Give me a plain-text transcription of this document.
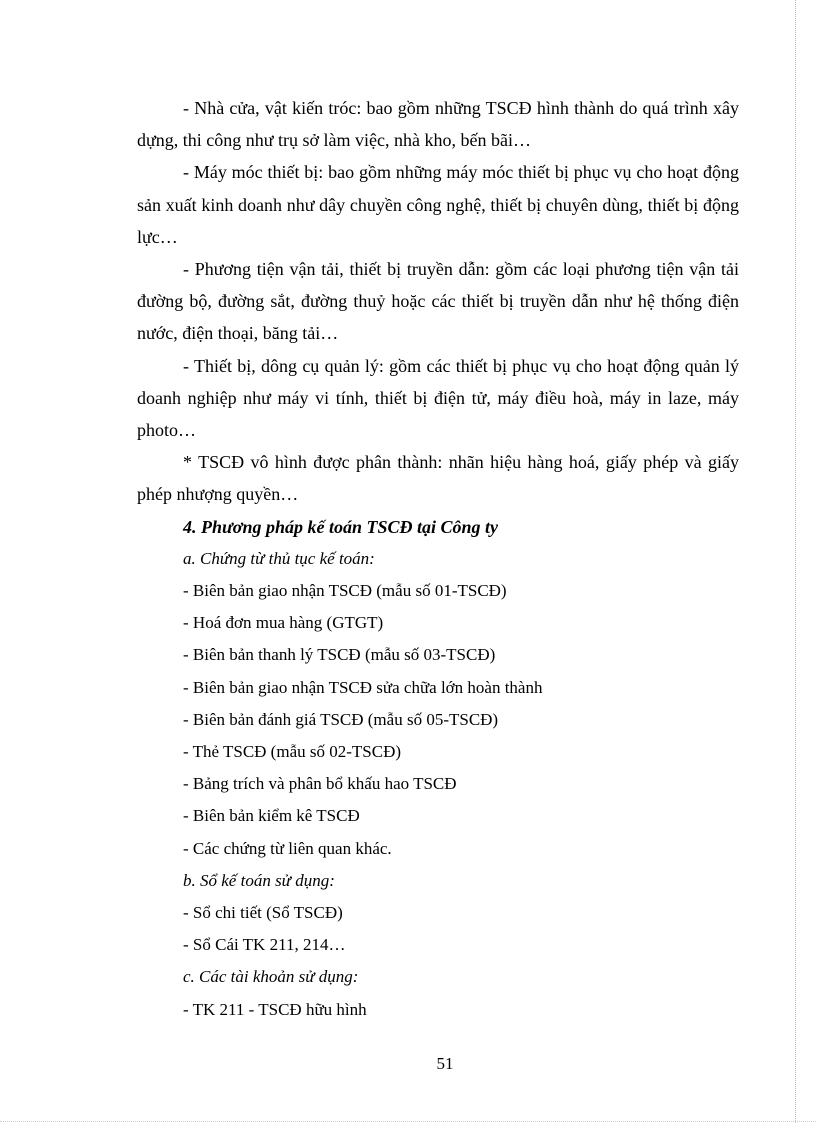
- Nhà cửa, vật kiến tróc: bao gồm những TSCĐ hình thành do quá trình xây dựng, thi công như trụ sở làm việc, nhà kho, bến bãi…

- Máy móc thiết bị: bao gồm những máy móc thiết bị phục vụ cho hoạt động sản xuất kinh doanh như dây chuyền công nghệ, thiết bị chuyên dùng, thiết bị động lực…

- Phương tiện vận tải, thiết bị truyền dẫn: gồm các loại phương tiện vận tải đường bộ, đường sắt, đường thuỷ hoặc các thiết bị truyền dẫn như hệ thống điện nước, điện thoại, băng tải…

- Thiết bị, dông cụ quản lý: gồm các thiết bị phục vụ cho hoạt động quản lý doanh nghiệp như máy vi tính, thiết bị điện tử, máy điều hoà, máy in laze, máy photo…

* TSCĐ vô hình được phân thành: nhãn hiệu hàng hoá, giấy phép và giấy phép nhượng quyền…

4. Phương pháp kế toán TSCĐ tại Công ty

a. Chứng từ thủ tục kế toán:

- Biên bản giao nhận TSCĐ (mẫu số 01-TSCĐ)

- Hoá đơn mua hàng (GTGT)

- Biên bản thanh lý TSCĐ (mẫu số 03-TSCĐ)

- Biên bản giao nhận TSCĐ sửa chữa lớn hoàn thành

- Biên bản đánh giá TSCĐ (mẫu số 05-TSCĐ)

- Thẻ TSCĐ (mẫu số 02-TSCĐ)

- Bảng trích và phân bổ khấu hao TSCĐ

- Biên bản kiểm kê TSCĐ

- Các chứng từ liên quan khác.

b. Sổ kế toán sử dụng:

- Sổ chi tiết (Sổ TSCĐ)

- Sổ Cái TK 211, 214…

c. Các tài khoản sử dụng:

- TK 211 - TSCĐ hữu hình

51
